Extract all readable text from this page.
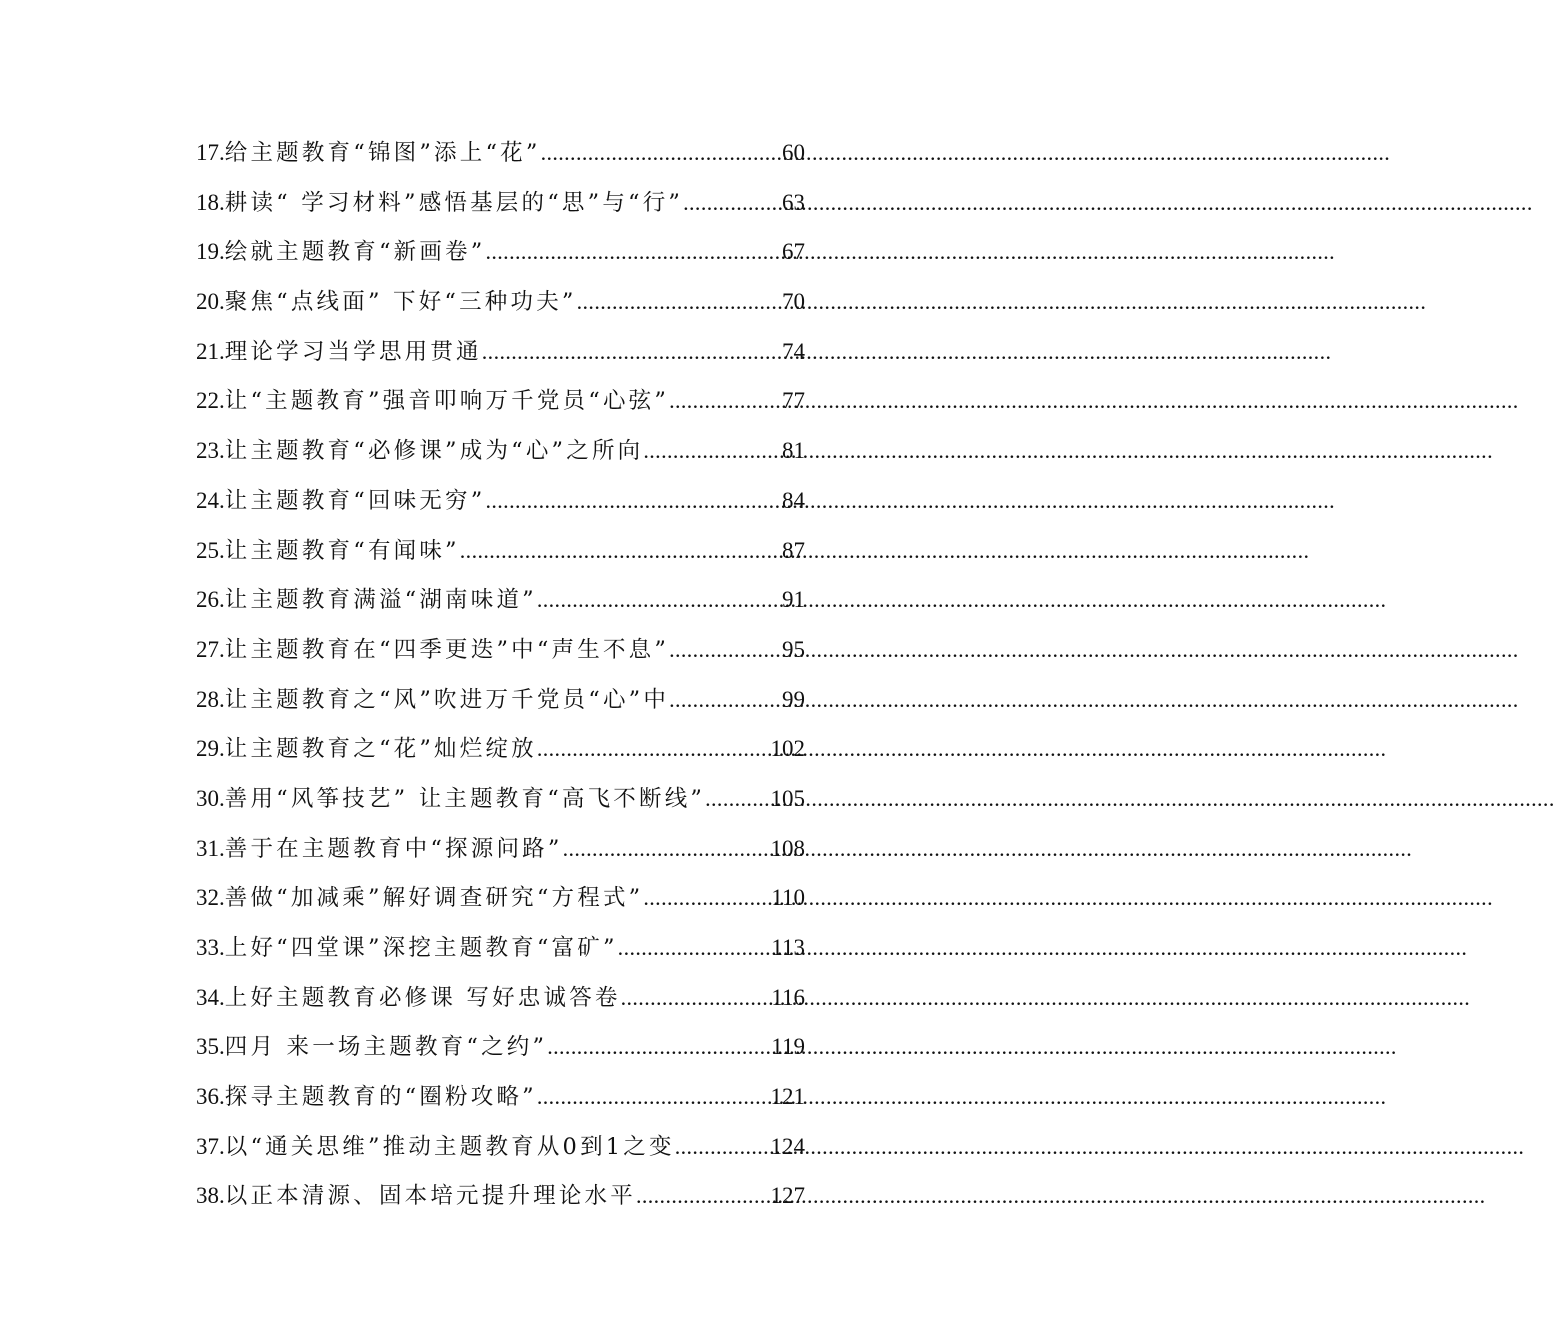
17. 给主题教育“锦图”添上“花” .....	60
18. 耕读“ 学习材料”感悟基层的“思”与“行” .....	63
19. 绘就主题教育“新画卷” .....	67
20. 聚焦“点线面” 下好“三种功夫” .....	70
21. 理论学习当学思用贯通 .....	74
22. 让“主题教育”强音叩响万千党员“心弦” .....	77
23. 让主题教育“必修课”成为“心”之所向 .....	81
24. 让主题教育“回味无穷” .....	84
25. 让主题教育“有闻味” .....	87
26. 让主题教育满溢“湖南味道” .....	91
27. 让主题教育在“四季更迭”中“声生不息” .....	95
28. 让主题教育之“风”吹进万千党员“心”中 .....	99
29. 让主题教育之“花”灿烂绽放 .....	102
30. 善用“风筝技艺” 让主题教育“高飞不断线” .....	105
31. 善于在主题教育中“探源问路” .....	108
32. 善做“加减乘”解好调查研究“方程式” .....	110
33. 上好“四堂课”深挖主题教育“富矿” .....	113
34. 上好主题教育必修课 写好忠诚答卷 .....	116
35. 四月 来一场主题教育“之约” .....	119
36. 探寻主题教育的“圈粉攻略” .....	121
37. 以“通关思维”推动主题教育从0到1之变 .....	124
38. 以正本清源、固本培元提升理论水平 .....	127
